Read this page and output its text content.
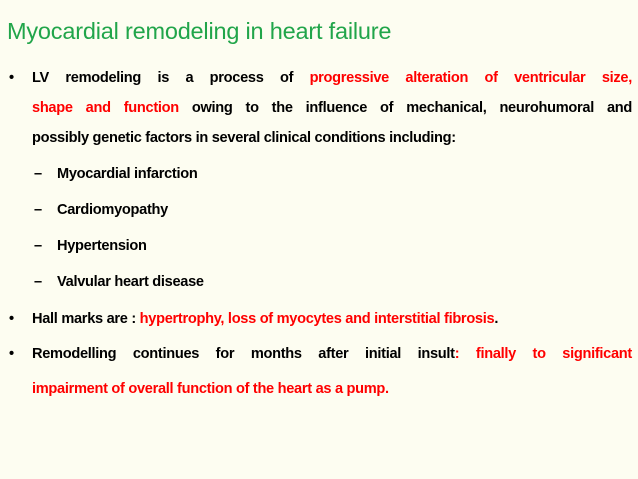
Myocardial remodeling in heart failure
• LV remodeling is a process of progressive alteration of ventricular size,
shape and function owing to the influence of mechanical, neurohumoral and
possibly genetic factors in several clinical conditions including:
– Myocardial infarction
– Cardiomyopathy
– Hypertension
– Valvular heart disease
• Hall marks are : hypertrophy, loss of myocytes and interstitial fibrosis.
• Remodelling continues for months after initial insult: finally to significant
impairment of overall function of the heart as a pump.
